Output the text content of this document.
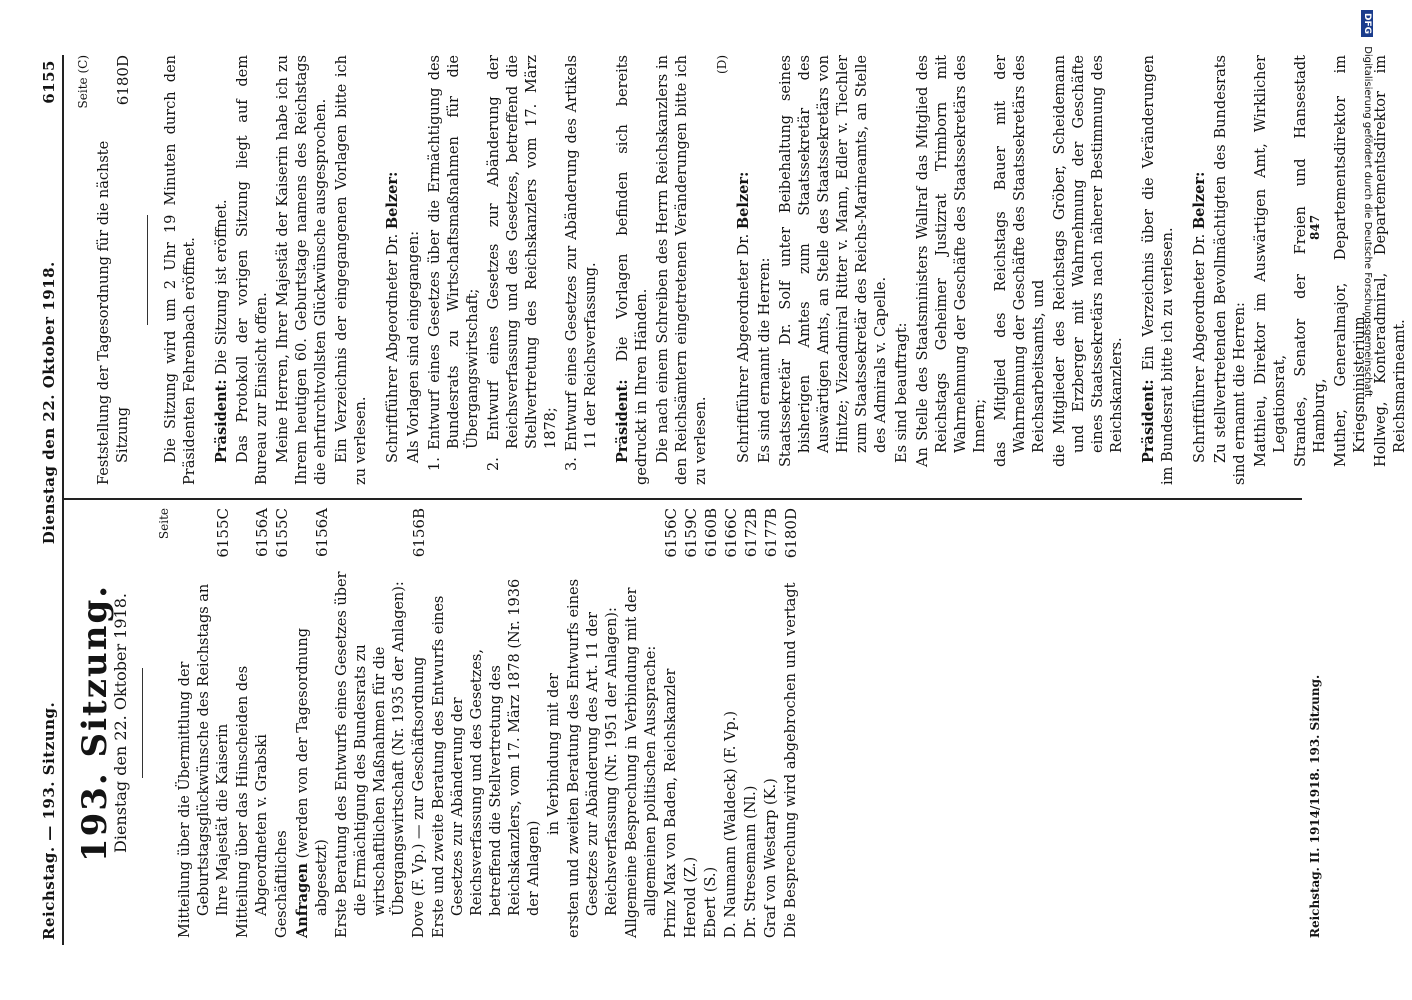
Reichstag. — 193. Sitzung.
Dienstag den 22. Oktober 1918.
6155
193. Sitzung.
Dienstag den 22. Oktober 1918.
Seite
Mitteilung über die Übermittlung der Geburtstagsglückwünsche des Reichstags an Ihre Majestät die Kaiserin
6155C
Mitteilung über das Hinscheiden des Abgeordneten v. Grabski
6156A
Geschäftliches
6155C
Anfragen (werden von der Tagesordnung abgesetzt)
6156A
Erste Beratung des Entwurfs eines Gesetzes über die Ermächtigung des Bundesrats zu wirtschaftlichen Maßnahmen für die Übergangswirtschaft (Nr. 1935 der Anlagen): Dove (F. Vp.) — zur Geschäftsordnung
6156B
Erste und zweite Beratung des Entwurfs eines Gesetzes zur Abänderung der Reichsverfassung und des Gesetzes, betreffend die Stellvertretung des Reichskanzlers, vom 17. März 1878 (Nr. 1936 der Anlagen)
in Verbindung mit der ersten und zweiten Beratung des Entwurfs eines Gesetzes zur Abänderung des Art. 11 der Reichsverfassung (Nr. 1951 der Anlagen): Allgemeine Besprechung in Verbindung mit der allgemeinen politischen Aussprache: Prinz Max von Baden, Reichskanzler
6156C
Herold (Z.)
6159C
Ebert (S.)
6160B
D. Naumann (Waldeck) (F. Vp.)
6166C
Dr. Stresemann (Nl.)
6172B
Graf von Westarp (K.)
6177B
Die Besprechung wird abgebrochen und vertagt
6180D
Reichstag. II. 1914/1918. 193. Sitzung.
Seite (C)
Feststellung der Tagesordnung für die nächste Sitzung
6180D Die Sitzung wird um 2 Uhr 19 Minuten durch den Präsidenten Fehrenbach eröffnet. Präsident: Die Sitzung ist eröffnet. Das Protokoll der vorigen Sitzung liegt auf dem Bureau zur Einsicht offen. Meine Herren, Ihrer Majestät der Kaiserin habe ich zu Ihrem heutigen 60. Geburtstage namens des Reichstags die ehrfurchtvollsten Glückwünsche ausgesprochen. Ein Verzeichnis der eingegangenen Vorlagen bitte ich zu verlesen. Schriftführer Abgeordneter Dr. Belzer:

Als Vorlagen sind eingegangen: 1. Entwurf eines Gesetzes über die Ermächtigung des Bundesrats zu Wirtschaftsmaßnahmen für die Übergangswirtschaft; 2. Entwurf eines Gesetzes zur Abänderung der Reichsverfassung und des Gesetzes, betreffend die Stellvertretung des Reichskanzlers vom 17. März 1878; 3. Entwurf eines Gesetzes zur Abänderung des Artikels 11 der Reichsverfassung. Präsident: Die Vorlagen befinden sich bereits gedruckt in Ihren Händen. Die nach einem Schreiben des Herrn Reichskanzlers in den Reichsämtern eingetretenen Veränderungen bitte ich zu verlesen.

(D)

Schriftführer Abgeordneter Dr. Belzer:

Es sind ernannt die Herren: Staatssekretär Dr. Solf unter Beibehaltung seines bisherigen Amtes zum Staatssekretär des Auswärtigen Amts, an Stelle des Staatssekretärs von Hintze; Vizeadmiral Ritter v. Mann, Edler v. Tiechler zum Staatssekretär des Reichs-Marineamts, an Stelle des Admirals v. Capelle. Es sind beauftragt: An Stelle des Staatsministers Wallraf das Mitglied des Reichstags Geheimer Justizrat Trimborn mit Wahrnehmung der Geschäfte des Staatssekretärs des Innern; das Mitglied des Reichstags Bauer mit der Wahrnehmung der Geschäfte des Staatssekretärs des Reichsarbeitsamts, und die Mitglieder des Reichstags Gröber, Scheidemann und Erzberger mit Wahrnehmung der Geschäfte eines Staatssekretärs nach näherer Bestimmung des Reichskanzlers. Präsident: Ein Verzeichnis über die Veränderungen im Bundesrat bitte ich zu verlesen. Schriftführer Abgeordneter Dr. Belzer: Zu stellvertretenden Bevollmächtigten des Bundesrats sind ernannt die Herren: Matthieu, Direktor im Auswärtigen Amt, Wirklicher Legationsrat, Strandes, Senator der Freien und Hansestadt Hamburg, Muther, Generalmajor, Departementsdirektor im Kriegsministerium, Hollweg, Konteradmiral, Departementsdirektor im Reichsmarineamt.

847
DFG Digitalisierung gefördert durch die Deutsche Forschungsgemeinschaft
